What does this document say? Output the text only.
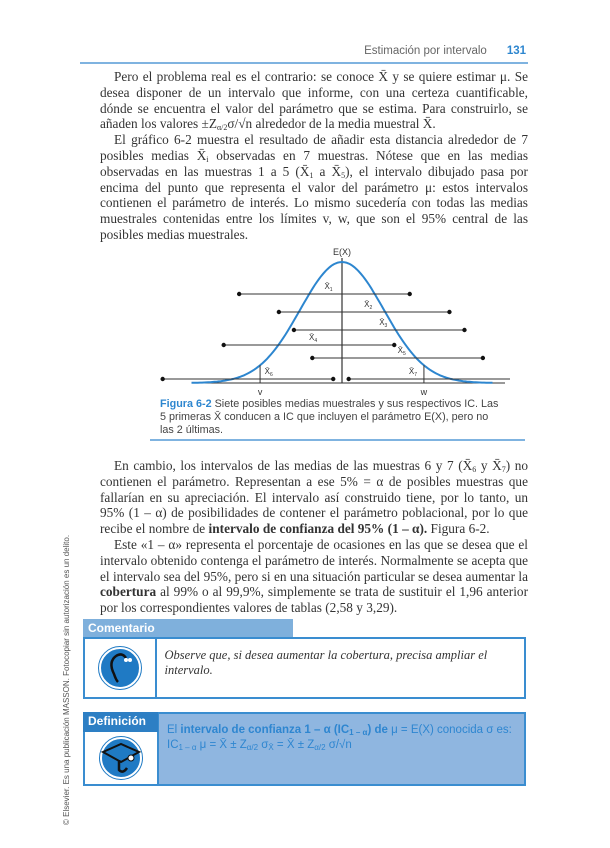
Estimación por intervalo 131

Pero el problema real es el contrario: se conoce X̄ y se quiere estimar μ. Se desea disponer de un intervalo que informe, con una certeza cuantificable, dónde se encuentra el valor del parámetro que se estima. Para construirlo, se añaden los valores $\pm Z_{\alpha/2}\sigma/√n$ alrededor de la media muestral X̄.

El gráfico 6-2 muestra el resultado de añadir esta distancia alrededor de 7 posibles medias $X̄_i$ observadas en 7 muestras. Nótese que en las medias observadas en las muestras 1 a 5 ($X̄_1$ a $X̄_5$), el intervalo dibujado pasa por encima del punto que representa el valor del parámetro μ: estos intervalos contienen el parámetro de interés. Lo mismo sucedería con todas las medias muestrales contenidas entre los límites v, w, que son el 95% central de las posibles medias muestrales.

E(X)
v	w
$X̄_1$
$X̄_2$
$X̄_3$
$X̄_4$
$X̄_5$
$X̄_6$	$X̄_7$
Figura 6-2 Siete posibles medias muestrales y sus respectivos IC. Las 5 primeras X̄ conducen a IC que incluyen el parámetro E(X), pero no las 2 últimas.

En cambio, los intervalos de las medias de las muestras 6 y 7 ($X̄_6$ y $X̄_7$) no contienen el parámetro. Representan a ese 5% = α de posibles muestras que fallarían en su apreciación. El intervalo así construido tiene, por lo tanto, un 95% (1 – α) de posibilidades de contener el parámetro poblacional, por lo que recibe el nombre de intervalo de confianza del 95% (1 – α). Figura 6-2.

Este «1 – α» representa el porcentaje de ocasiones en las que se desea que el intervalo obtenido contenga el parámetro de interés. Normalmente se acepta que el intervalo sea del 95%, pero si en una situación particular se desea aumentar la cobertura al 99% o al 99,9%, simplemente se trata de sustituir el 1,96 anterior por los correspondientes valores de tablas (2,58 y 3,29).

© Elsevier. Es una publicación MASSON. Fotocopiar sin autorización es un delito.	Comentario
Observe que, si desea aumentar la cobertura, precisa ampliar el intervalo.
Definición
El intervalo de confianza 1 – α $(IC_{1 - \alpha})$ de μ = E(X) conocida σ es:
$IC_{1 - \alpha}$ μ = X̄ ± $Z_{\alpha/2}$ $\sigma_{X̄}$ = X̄ ± $Z_{\alpha/2}$ σ/√n
